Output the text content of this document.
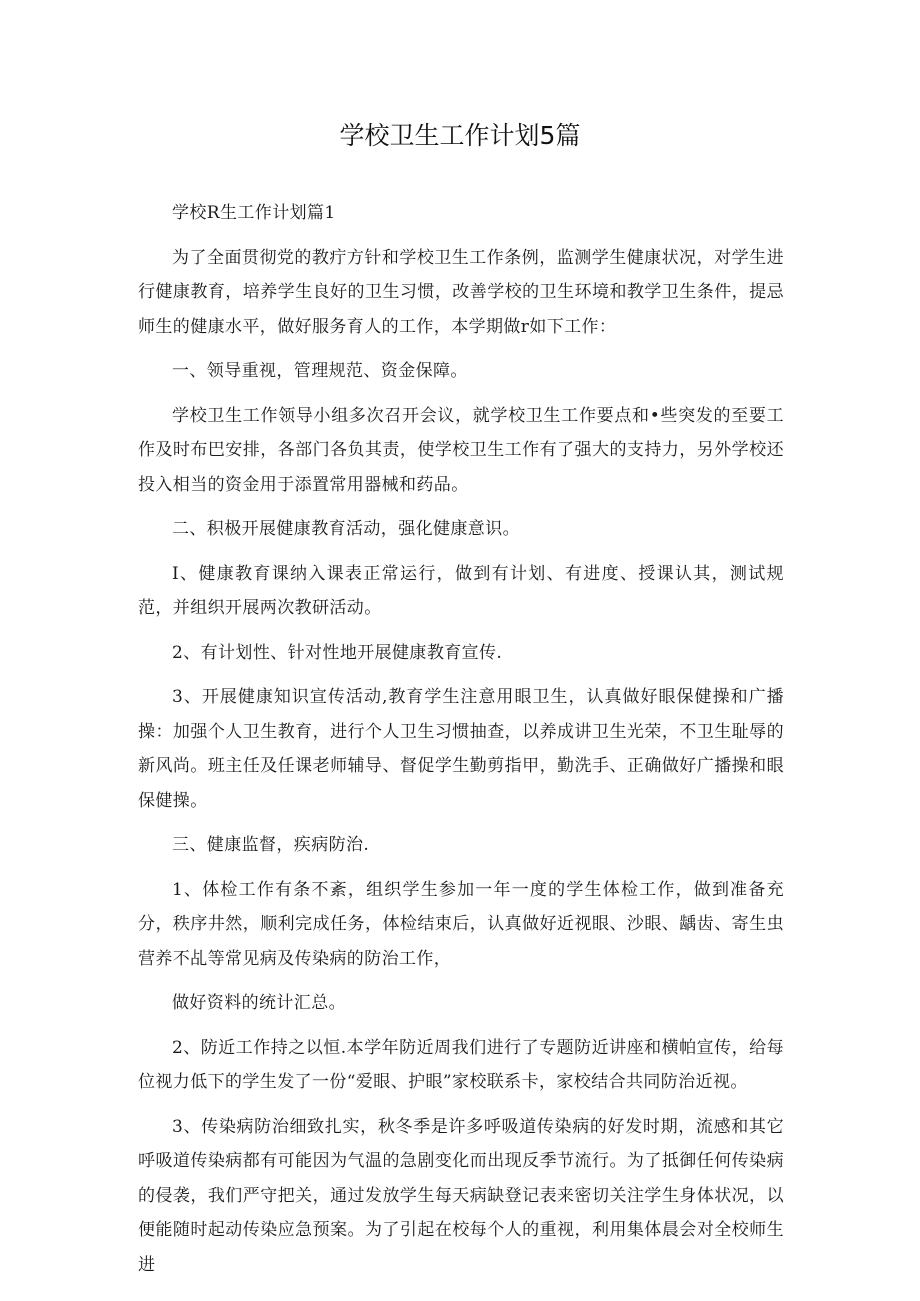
学校卫生工作计划5篇

学校R生工作计划篇1

为了全面贯彻党的教疔方针和学校卫生工作条例，监测学生健康状况，对学生进行健康教育，培养学生良好的卫生习惯，改善学校的卫生环境和教学卫生条件，提忌师生的健康水平，做好服务育人的工作，本学期做r如下工作：

一、领导重视，管理规范、资金保障。

学校卫生工作领导小组多次召开会议，就学校卫生工作要点和•些突发的至要工作及时布巴安排，各部门各负其责，使学校卫生工作有了强大的支持力，另外学校还投入相当的资金用于添置常用器械和药品。

二、积极开展健康教育活动，强化健康意识。

I、健康教育课纳入课表正常运行，做到有计划、有进度、授课认其，测试规范，并组织开展两次教研活动。

2、有计划性、针对性地开展健康教育宣传.

3、开展健康知识宣传活动,教育学生注意用眼卫生，认真做好眼保健操和广播操：加强个人卫生教育，进行个人卫生习惯抽查，以养成讲卫生光荣，不卫生耻辱的新风尚。班主任及任课老师辅导、督促学生勤剪指甲，勤洗手、正确做好广播操和眼保健操。

三、健康监督，疾病防治.

1、体检工作有条不紊，组织学生参加一年一度的学生体检工作，做到准备充分，秩序井然，顺利完成任务，体检结束后，认真做好近视眼、沙眼、龋齿、寄生虫营养不乩等常见病及传染病的防治工作，

做好资料的统计汇总。

2、防近工作持之以恒.本学年防近周我们进行了专题防近讲座和横帕宣传，给每位视力低下的学生发了一份“爱眼、护眼”家校联系卡，家校结合共同防治近视。

3、传染病防治细致扎实，秋冬季是许多呼吸道传染病的好发时期，流感和其它呼吸道传染病都有可能因为气温的急剧变化而出现反季节流行。为了抵御任何传染病的侵袭，我们严守把关，通过发放学生每天病缺登记表来密切关注学生身体状况，以便能随时起动传染应急预案。为了引起在校每个人的重视，利用集体晨会对全校师生进
